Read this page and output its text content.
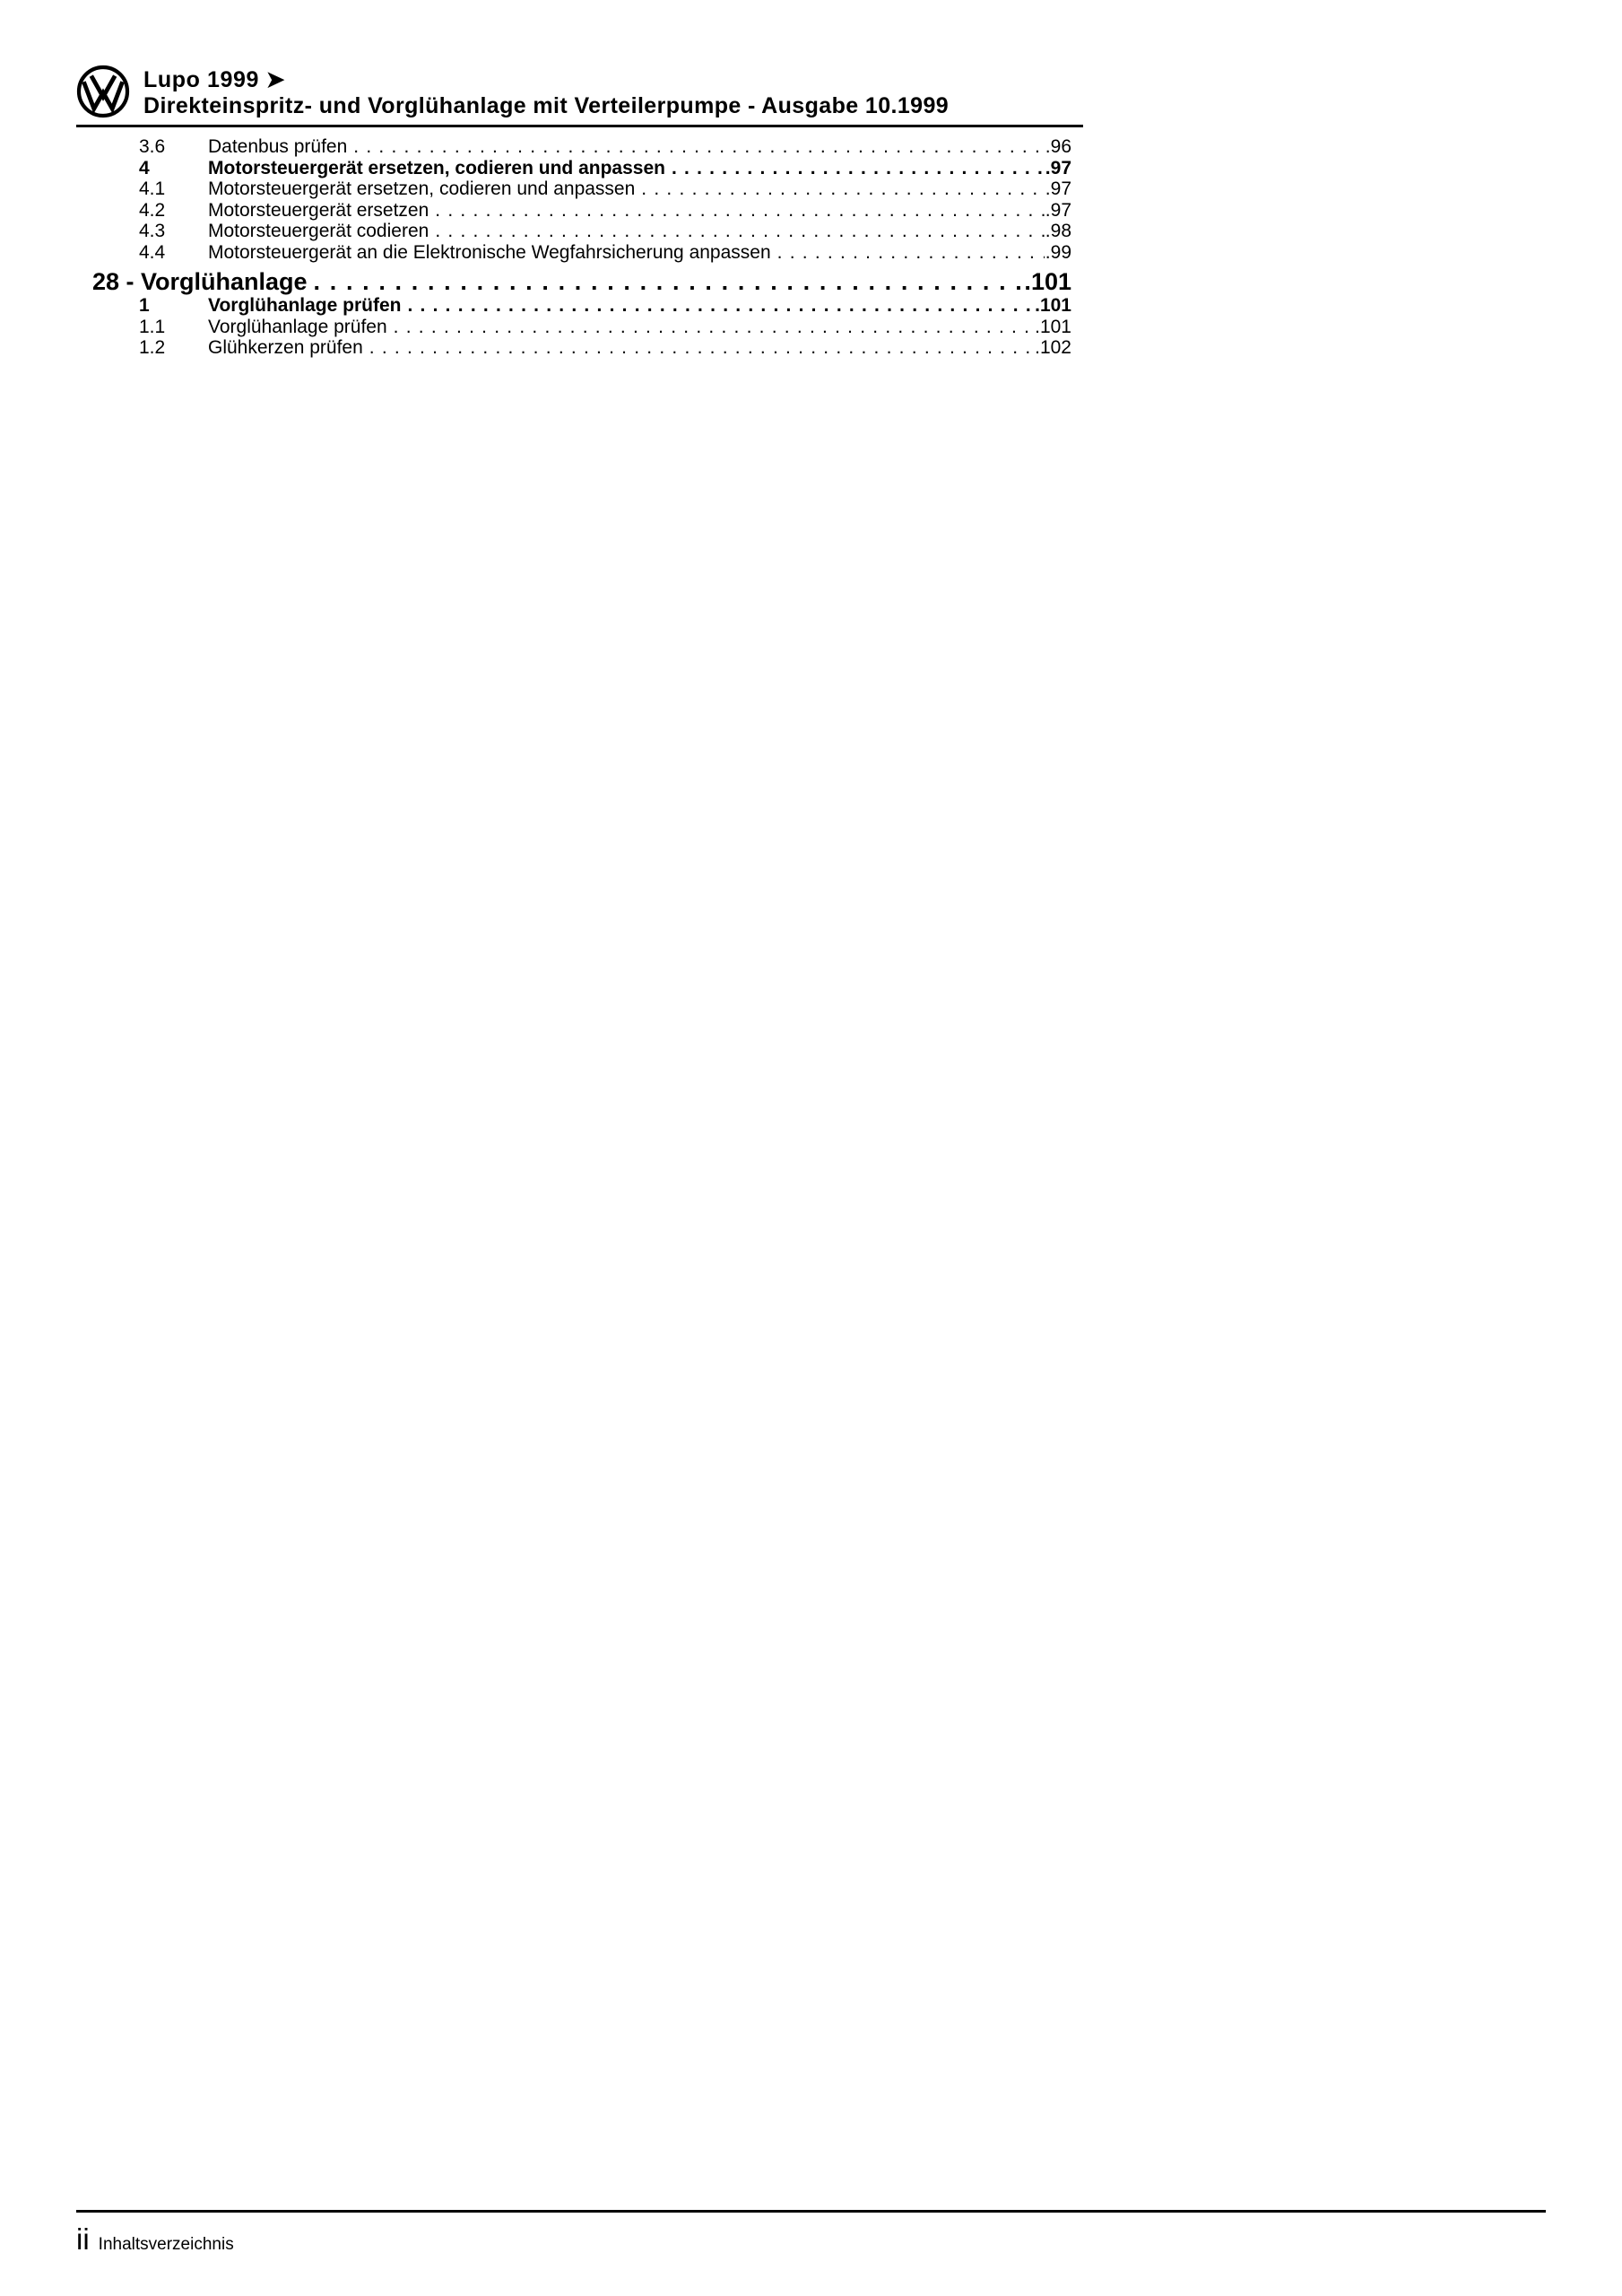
Lupo 1999 ➤
Direkteinspritz- und Vorglühanlage mit Verteilerpumpe - Ausgabe 10.1999
3.6	Datenbus prüfen . . .	. 96
4	Motorsteuergerät ersetzen, codieren und anpassen . . .	. 97
4.1	Motorsteuergerät ersetzen, codieren und anpassen . . .	. 97
4.2	Motorsteuergerät ersetzen . . .	. 97
4.3	Motorsteuergerät codieren . . .	. 98
4.4	Motorsteuergerät an die Elektronische Wegfahrsicherung anpassen . . .	. 99
28 - Vorglühanlage . . .	. 101
1	Vorglühanlage prüfen . . .	. 101
1.1	Vorglühanlage prüfen . . .	. 101
1.2	Glühkerzen prüfen . . .	. 102
ii Inhaltsverzeichnis
